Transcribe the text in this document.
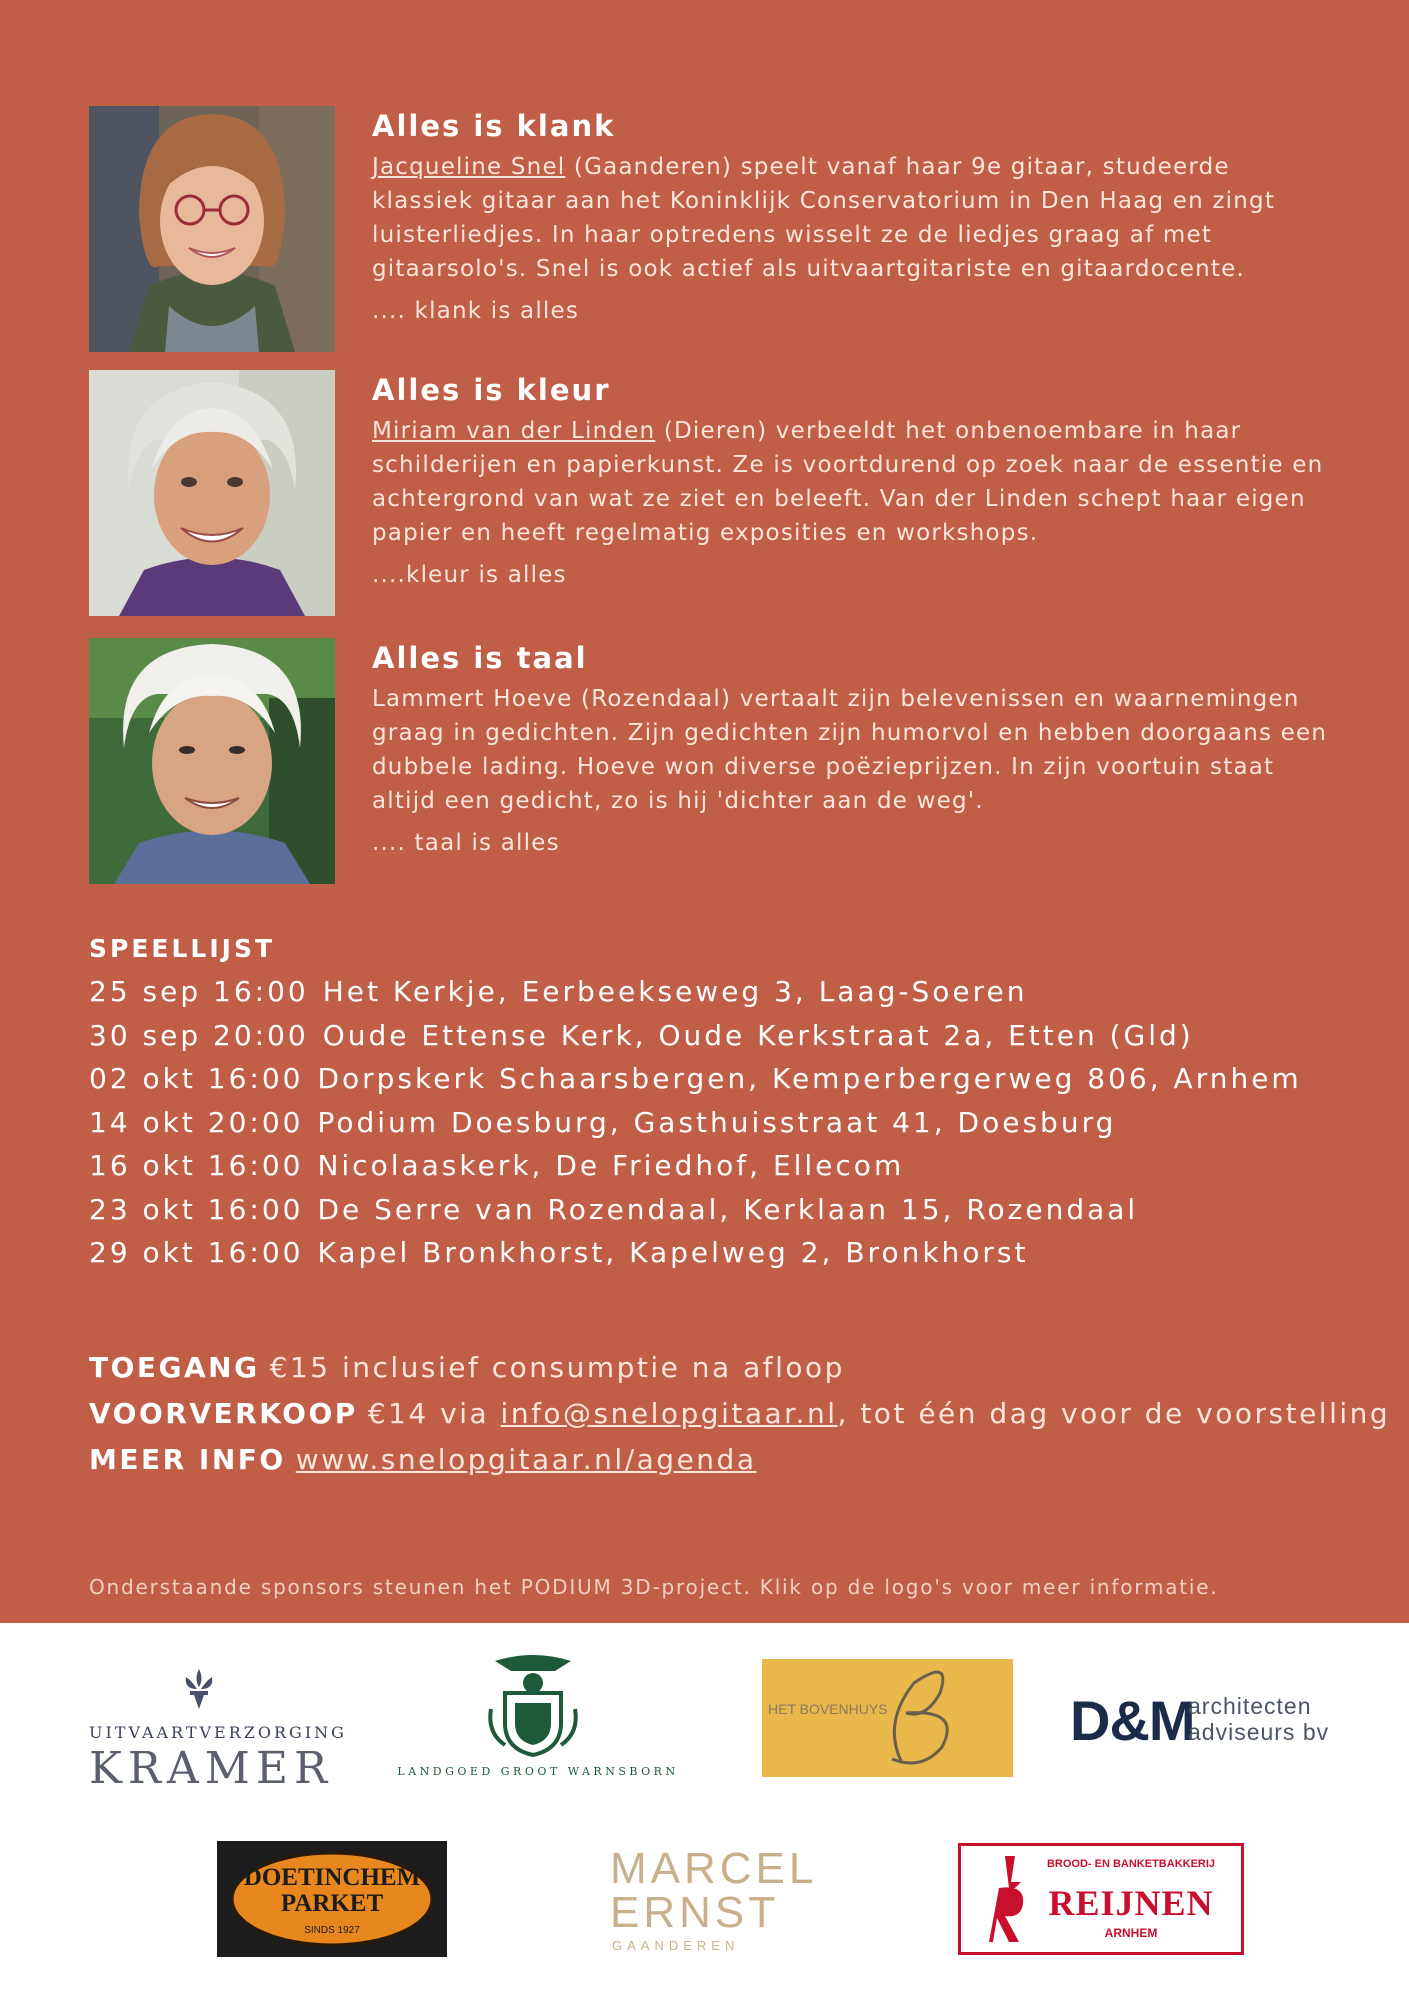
Alles is klank

Jacqueline Snel (Gaanderen) speelt vanaf haar 9e gitaar, studeerde klassiek gitaar aan het Koninklijk Conservatorium in Den Haag en zingt luisterliedjes. In haar optredens wisselt ze de liedjes graag af met gitaarsolo's. Snel is ook actief als uitvaartgitariste en gitaardocente.

.... klank is alles
Alles is kleur

Miriam van der Linden (Dieren) verbeeldt het onbenoembare in haar schilderijen en papierkunst. Ze is voortdurend op zoek naar de essentie en achtergrond van wat ze ziet en beleeft. Van der Linden schept haar eigen papier en heeft regelmatig exposities en workshops.

....kleur is alles
Alles is taal

Lammert Hoeve (Rozendaal) vertaalt zijn belevenissen en waarnemingen graag in gedichten. Zijn gedichten zijn humorvol en hebben doorgaans een dubbele lading. Hoeve won diverse poëzieprijzen. In zijn voortuin staat altijd een gedicht, zo is hij 'dichter aan de weg'.

.... taal is alles
SPEELLIJST
25 sep 16:00 Het Kerkje, Eerbeekseweg 3, Laag-Soeren
30 sep 20:00 Oude Ettense Kerk, Oude Kerkstraat 2a, Etten (Gld)
02 okt 16:00 Dorpskerk Schaarsbergen, Kemperbergerweg 806, Arnhem
14 okt 20:00 Podium Doesburg, Gasthuisstraat 41, Doesburg
16 okt 16:00 Nicolaaskerk, De Friedhof, Ellecom
23 okt 16:00 De Serre van Rozendaal, Kerklaan 15, Rozendaal
29 okt 16:00 Kapel Bronkhorst, Kapelweg 2, Bronkhorst
TOEGANG €15 inclusief consumptie na afloop
VOORVERKOOP €14 via info@snelopgitaar.nl, tot één dag voor de voorstelling
MEER INFO www.snelopgitaar.nl/agenda
Onderstaande sponsors steunen het PODIUM 3D-project. Klik op de logo's voor meer informatie.
UITVAARTVERZORGING
KRAMER	LANDGOED GROOT WARNSBORN
HET BOVENHUYS	D&M
architecten
adviseurs bv
DOETINCHEM
PARKET
SINDS 1927
MARCEL
ERNST
GAANDEREN
BROOD- EN BANKETBAKKERIJ
REIJNEN
ARNHEM
